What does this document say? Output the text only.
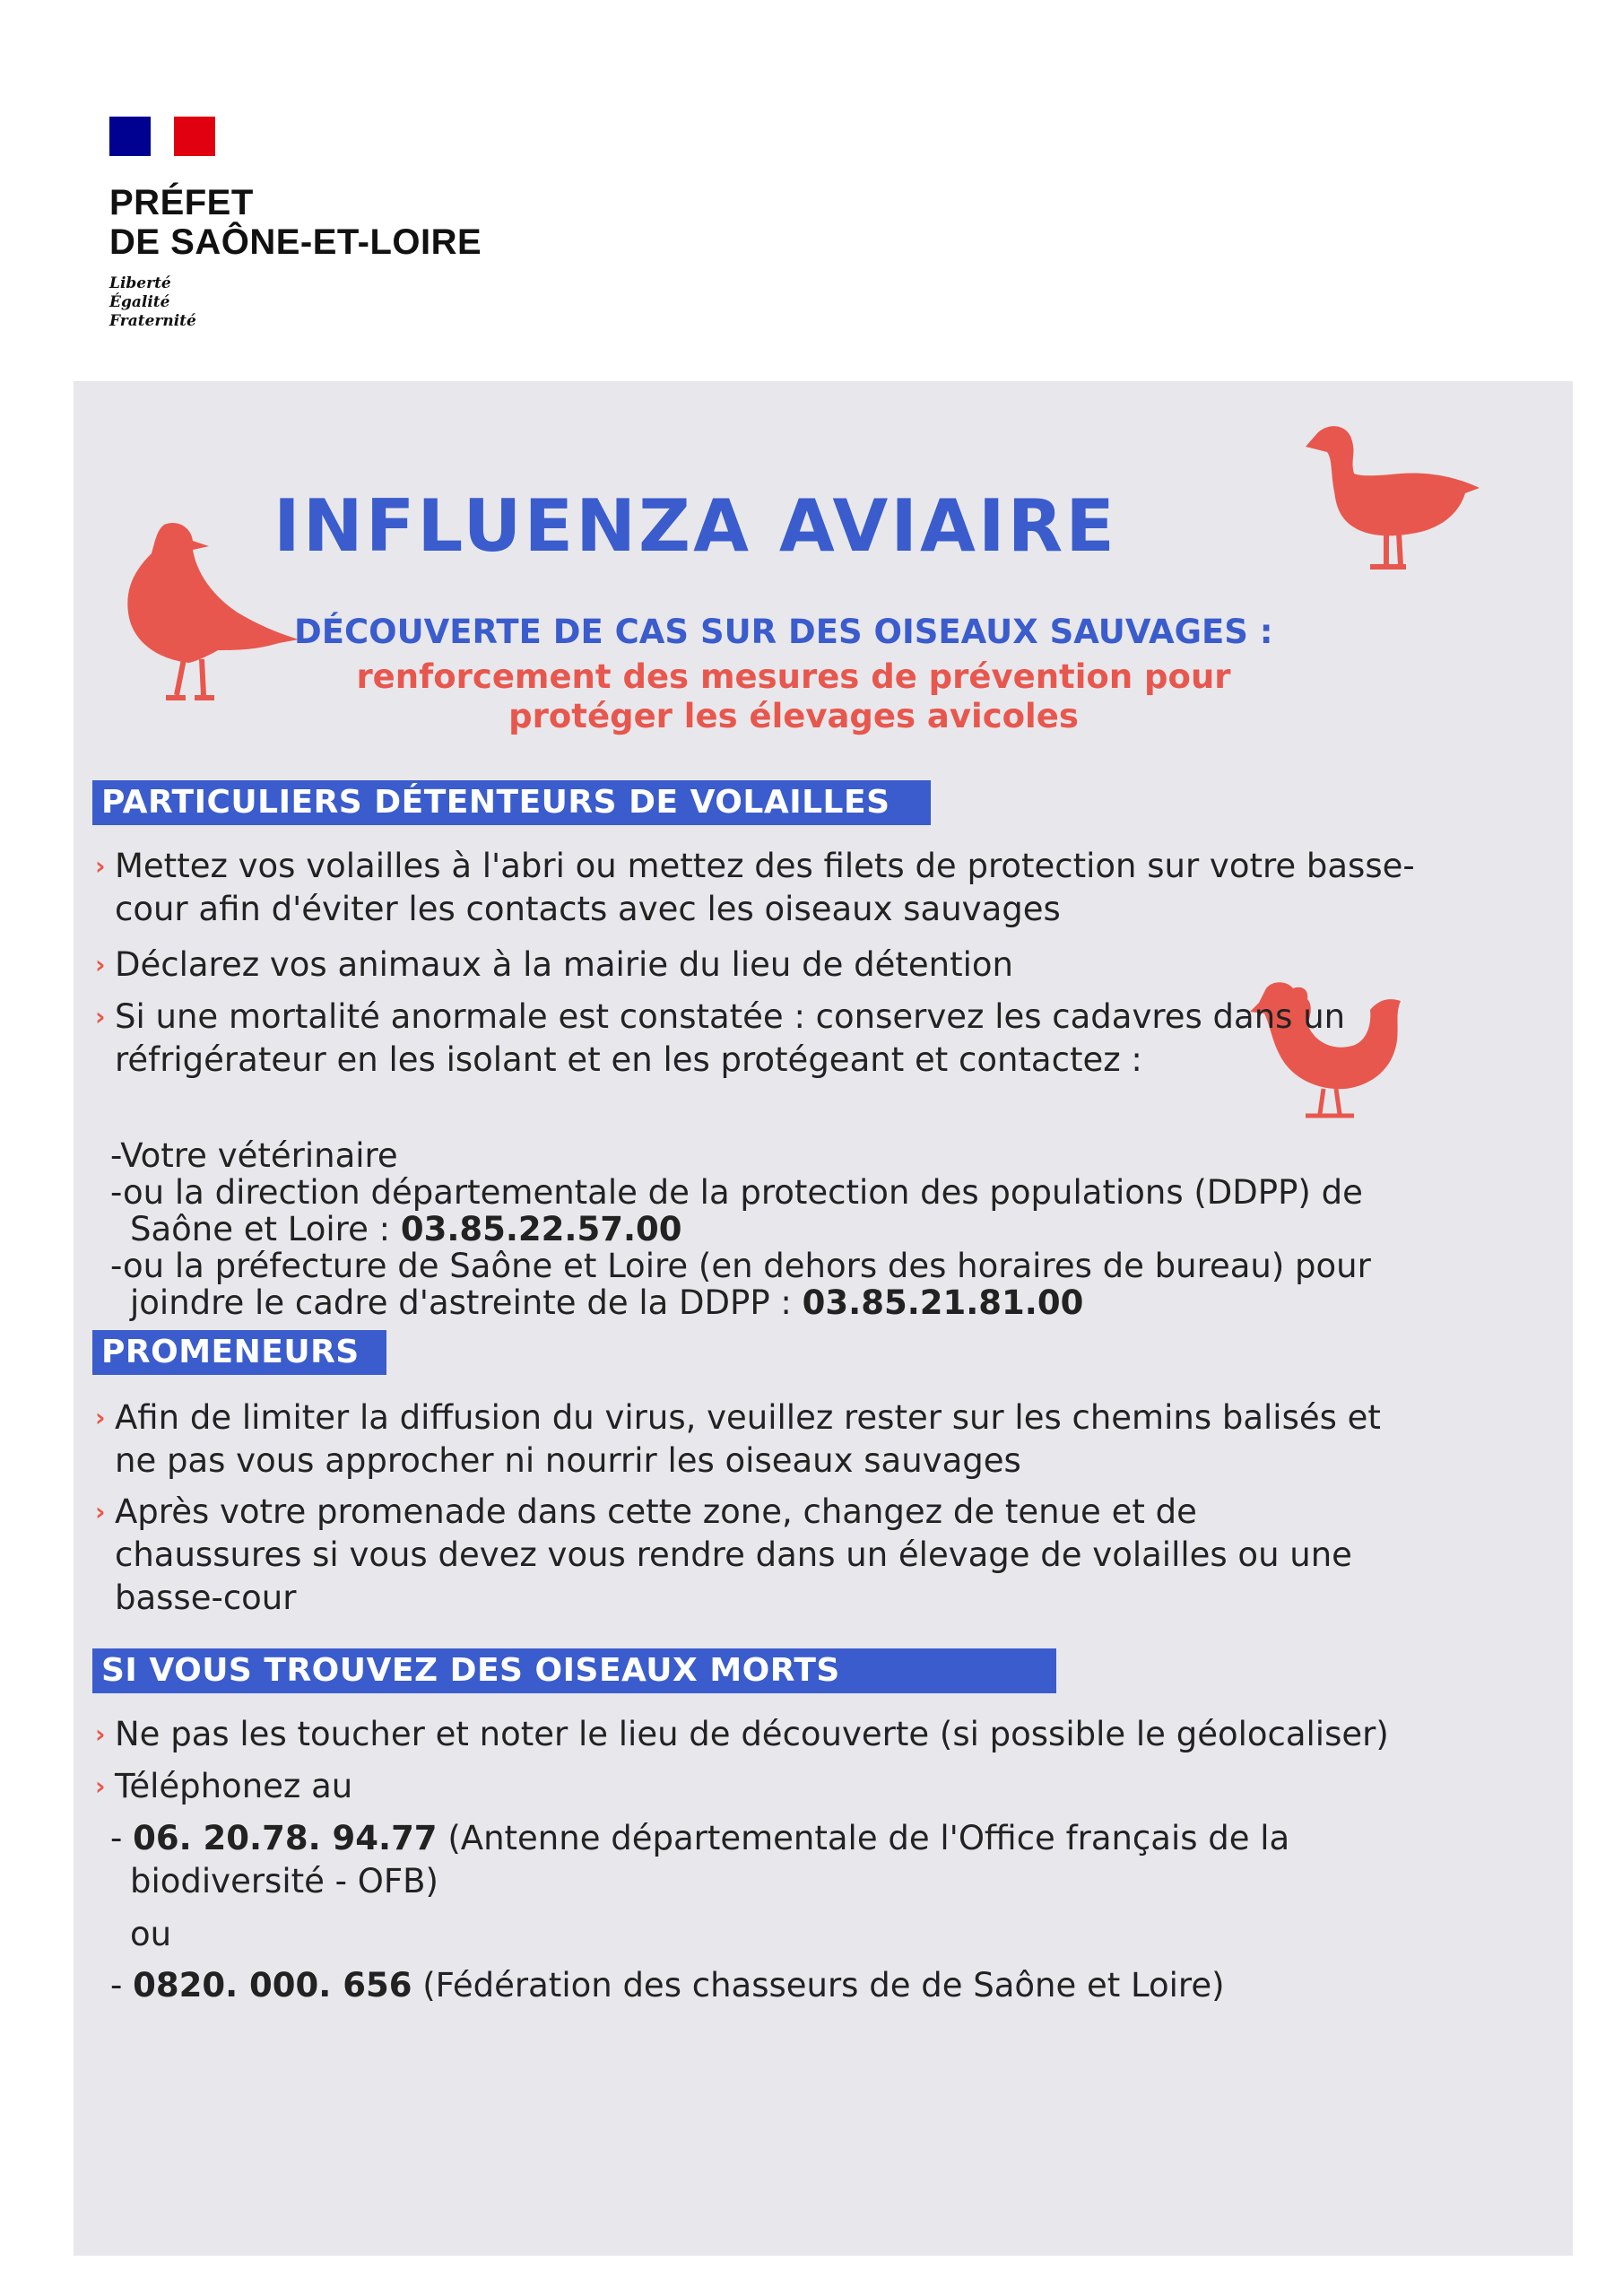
PRÉFET
DE SAÔNE-ET-LOIRE
Liberté
Égalité
Fraternité
INFLUENZA AVIAIRE
DÉCOUVERTE DE CAS SUR DES OISEAUX SAUVAGES :
renforcement des mesures de prévention pour
protéger les élevages avicoles
PARTICULIERS DÉTENTEURS DE VOLAILLES
› Mettez vos volailles à l'abri ou mettez des filets de protection sur votre basse-
cour afin d'éviter les contacts avec les oiseaux sauvages
› Déclarez vos animaux à la mairie du lieu de détention
› Si une mortalité anormale est constatée : conservez les cadavres dans un
réfrigérateur en les isolant et en les protégeant et contactez :
-Votre vétérinaire
-ou la direction départementale de la protection des populations (DDPP) de
Saône et Loire : 03.85.22.57.00
-ou la préfecture de Saône et Loire (en dehors des horaires de bureau) pour
joindre le cadre d'astreinte de la DDPP : 03.85.21.81.00
PROMENEURS
› Afin de limiter la diffusion du virus, veuillez rester sur les chemins balisés et
ne pas vous approcher ni nourrir les oiseaux sauvages
› Après votre promenade dans cette zone, changez de tenue et de
chaussures si vous devez vous rendre dans un élevage de volailles ou une
basse-cour
SI VOUS TROUVEZ DES OISEAUX MORTS
› Ne pas les toucher et noter le lieu de découverte (si possible le géolocaliser)
› Téléphonez au
- 06. 20.78. 94.77 (Antenne départementale de l'Office français de la
biodiversité - OFB)
ou
- 0820. 000. 656 (Fédération des chasseurs de de Saône et Loire)
